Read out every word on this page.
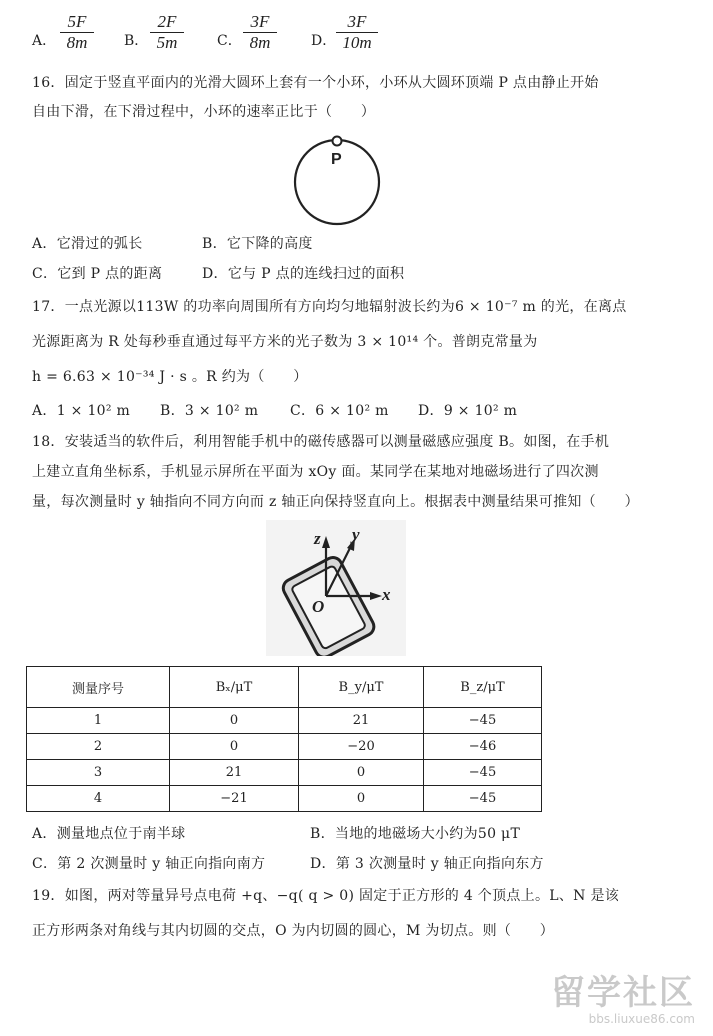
A． $\frac{5F}{8m}$ B． $\frac{2F}{5m}$ C． $\frac{3F}{8m}$ D． $\frac{3F}{10m}$
16．固定于竖直平面内的光滑大圆环上套有一个小环，小环从大圆环顶端 P 点由静止开始
自由下滑，在下滑过程中，小环的速率正比于（　　）
P
A．它滑过的弧长	B．它下降的高度
C．它到 P 点的距离	D．它与 P 点的连线扫过的面积
17．一点光源以113W 的功率向周围所有方向均匀地辐射波长约为6 × 10⁻⁷ m 的光，在离点
光源距离为 R 处每秒垂直通过每平方米的光子数为 3 × 10¹⁴ 个。普朗克常量为
h = 6.63 × 10⁻³⁴ J · s 。R 约为（　　）
A．1 × 10² m B．3 × 10² m C．6 × 10² m D．9 × 10² m
18．安装适当的软件后，利用智能手机中的磁传感器可以测量磁感应强度 B。如图，在手机
上建立直角坐标系，手机显示屏所在平面为 xOy 面。某同学在某地对地磁场进行了四次测
量，每次测量时 y 轴指向不同方向而 z 轴正向保持竖直向上。根据表中测量结果可推知（　　）
z y
x
O
测量序号	Bₓ/μT	B_y/μT	B_z/μT
1	0	21	−45
2	0	−20	−46
3	21	0	−45
4	−21	0	−45
A．测量地点位于南半球	B．当地的地磁场大小约为50 μT
C．第 2 次测量时 y 轴正向指向南方	D．第 3 次测量时 y 轴正向指向东方
19．如图，两对等量异号点电荷 +q、−q( q > 0) 固定于正方形的 4 个顶点上。L、N 是该
正方形两条对角线与其内切圆的交点，O 为内切圆的圆心，M 为切点。则（　　）
留学社区
bbs.liuxue86.com
